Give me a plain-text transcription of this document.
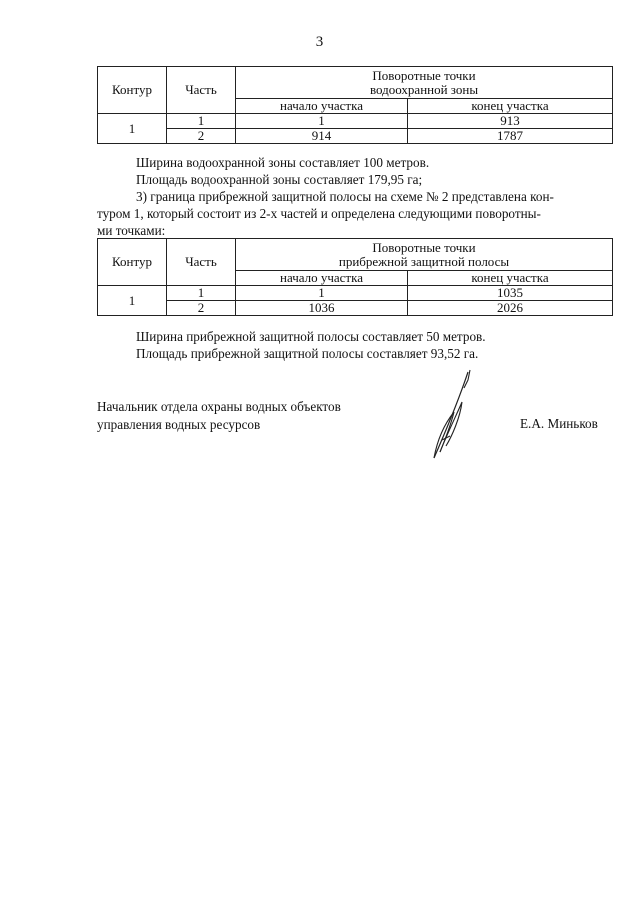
3
Контур	Часть	Поворотные точки
водоохранной зоны	

		начало участка	конец участка
1	1	1	913
	2	914	1787
Ширина водоохранной зоны составляет 100 метров.
Площадь водоохранной зоны составляет 179,95 га;
3) граница прибрежной защитной полосы на схеме № 2 представлена кон-
туром 1, который состоит из 2-х частей и определена следующими поворотны-
ми точками:
Контур	Часть	Поворотные точки
прибрежной защитной полосы	

		начало участка	конец участка
1	1	1	1035
	2	1036	2026
Ширина прибрежной защитной полосы составляет 50 метров.
Площадь прибрежной защитной полосы составляет 93,52 га.
Начальник отдела охраны водных объектов
управления водных ресурсов	Е.А. Миньков
